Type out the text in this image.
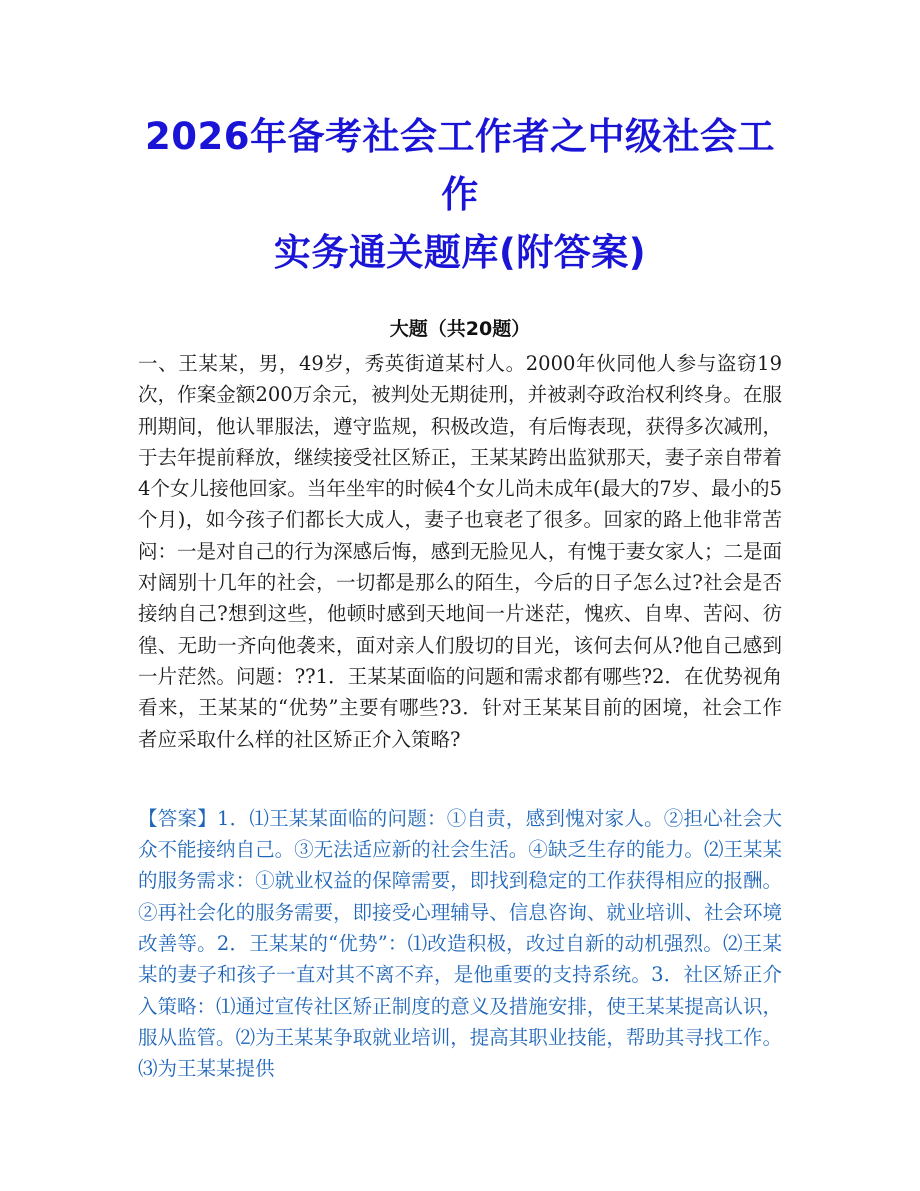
2026年备考社会工作者之中级社会工作
实务通关题库(附答案)
大题（共20题）

一、王某某，男，49岁，秀英街道某村人。2000年伙同他人参与盗窃19次，作案金额200万余元，被判处无期徒刑，并被剥夺政治权利终身。在服刑期间，他认罪服法，遵守监规，积极改造，有后悔表现，获得多次减刑，于去年提前释放，继续接受社区矫正，王某某跨出监狱那天，妻子亲自带着4个女儿接他回家。当年坐牢的时候4个女儿尚未成年(最大的7岁、最小的5个月)，如今孩子们都长大成人，妻子也衰老了很多。回家的路上他非常苦闷：一是对自己的行为深感后悔，感到无脸见人，有愧于妻女家人；二是面对阔别十几年的社会，一切都是那么的陌生，今后的日子怎么过?社会是否接纳自己?想到这些，他顿时感到天地间一片迷茫，愧疚、自卑、苦闷、彷徨、无助一齐向他袭来，面对亲人们殷切的目光，该何去何从?他自己感到一片茫然。问题：??1．王某某面临的问题和需求都有哪些?2．在优势视角看来，王某某的“优势”主要有哪些?3．针对王某某目前的困境，社会工作者应采取什么样的社区矫正介入策略?

【答案】1．⑴王某某面临的问题：①自责，感到愧对家人。②担心社会大众不能接纳自己。③无法适应新的社会生活。④缺乏生存的能力。⑵王某某的服务需求：①就业权益的保障需要，即找到稳定的工作获得相应的报酬。②再社会化的服务需要，即接受心理辅导、信息咨询、就业培训、社会环境改善等。2．王某某的“优势”：⑴改造积极，改过自新的动机强烈。⑵王某某的妻子和孩子一直对其不离不弃，是他重要的支持系统。3．社区矫正介入策略：⑴通过宣传社区矫正制度的意义及措施安排，使王某某提高认识，服从监管。⑵为王某某争取就业培训，提高其职业技能，帮助其寻找工作。⑶为王某某提供
